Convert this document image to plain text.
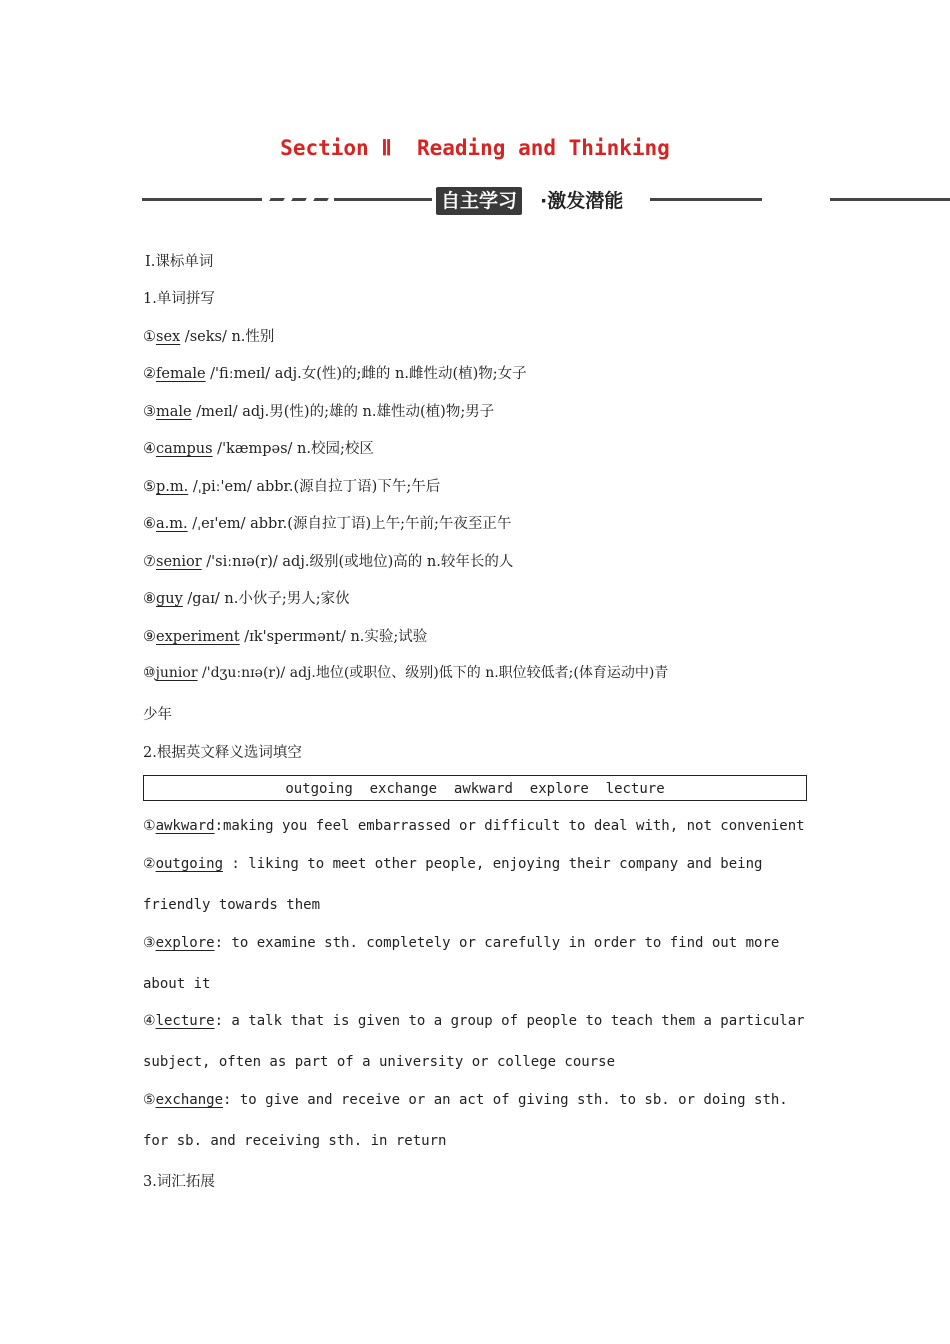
Section Ⅱ  Reading and Thinking
自主学习 ·激发潜能
Ⅰ.课标单词
1.单词拼写
①sex /seks/ n.性别
②female /'fiːmeɪl/ adj.女(性)的;雌的 n.雌性动(植)物;女子
③male /meɪl/ adj.男(性)的;雄的 n.雄性动(植)物;男子
④campus /'kæmpəs/ n.校园;校区
⑤p.m. /ˌpiː'em/ abbr.(源自拉丁语)下午;午后
⑥a.m. /ˌeɪ'em/ abbr.(源自拉丁语)上午;午前;午夜至正午
⑦senior /'siːnɪə(r)/ adj.级别(或地位)高的 n.较年长的人
⑧guy /gaɪ/ n.小伙子;男人;家伙
⑨experiment /ɪk'sperɪmənt/ n.实验;试验
⑩junior /'dʒuːnɪə(r)/ adj.地位(或职位、级别)低下的 n.职位较低者;(体育运动中)青
少年
2.根据英文释义选词填空
outgoing  exchange  awkward  explore  lecture
①awkward:making you feel embarrassed or difficult to deal with, not convenient
②outgoing : liking to meet other people, enjoying their company and being
friendly towards them
③explore: to examine sth. completely or carefully in order to find out more
about it
④lecture: a talk that is given to a group of people to teach them a particular
subject, often as part of a university or college course
⑤exchange: to give and receive or an act of giving sth. to sb. or doing sth.
for sb. and receiving sth. in return
3.词汇拓展
